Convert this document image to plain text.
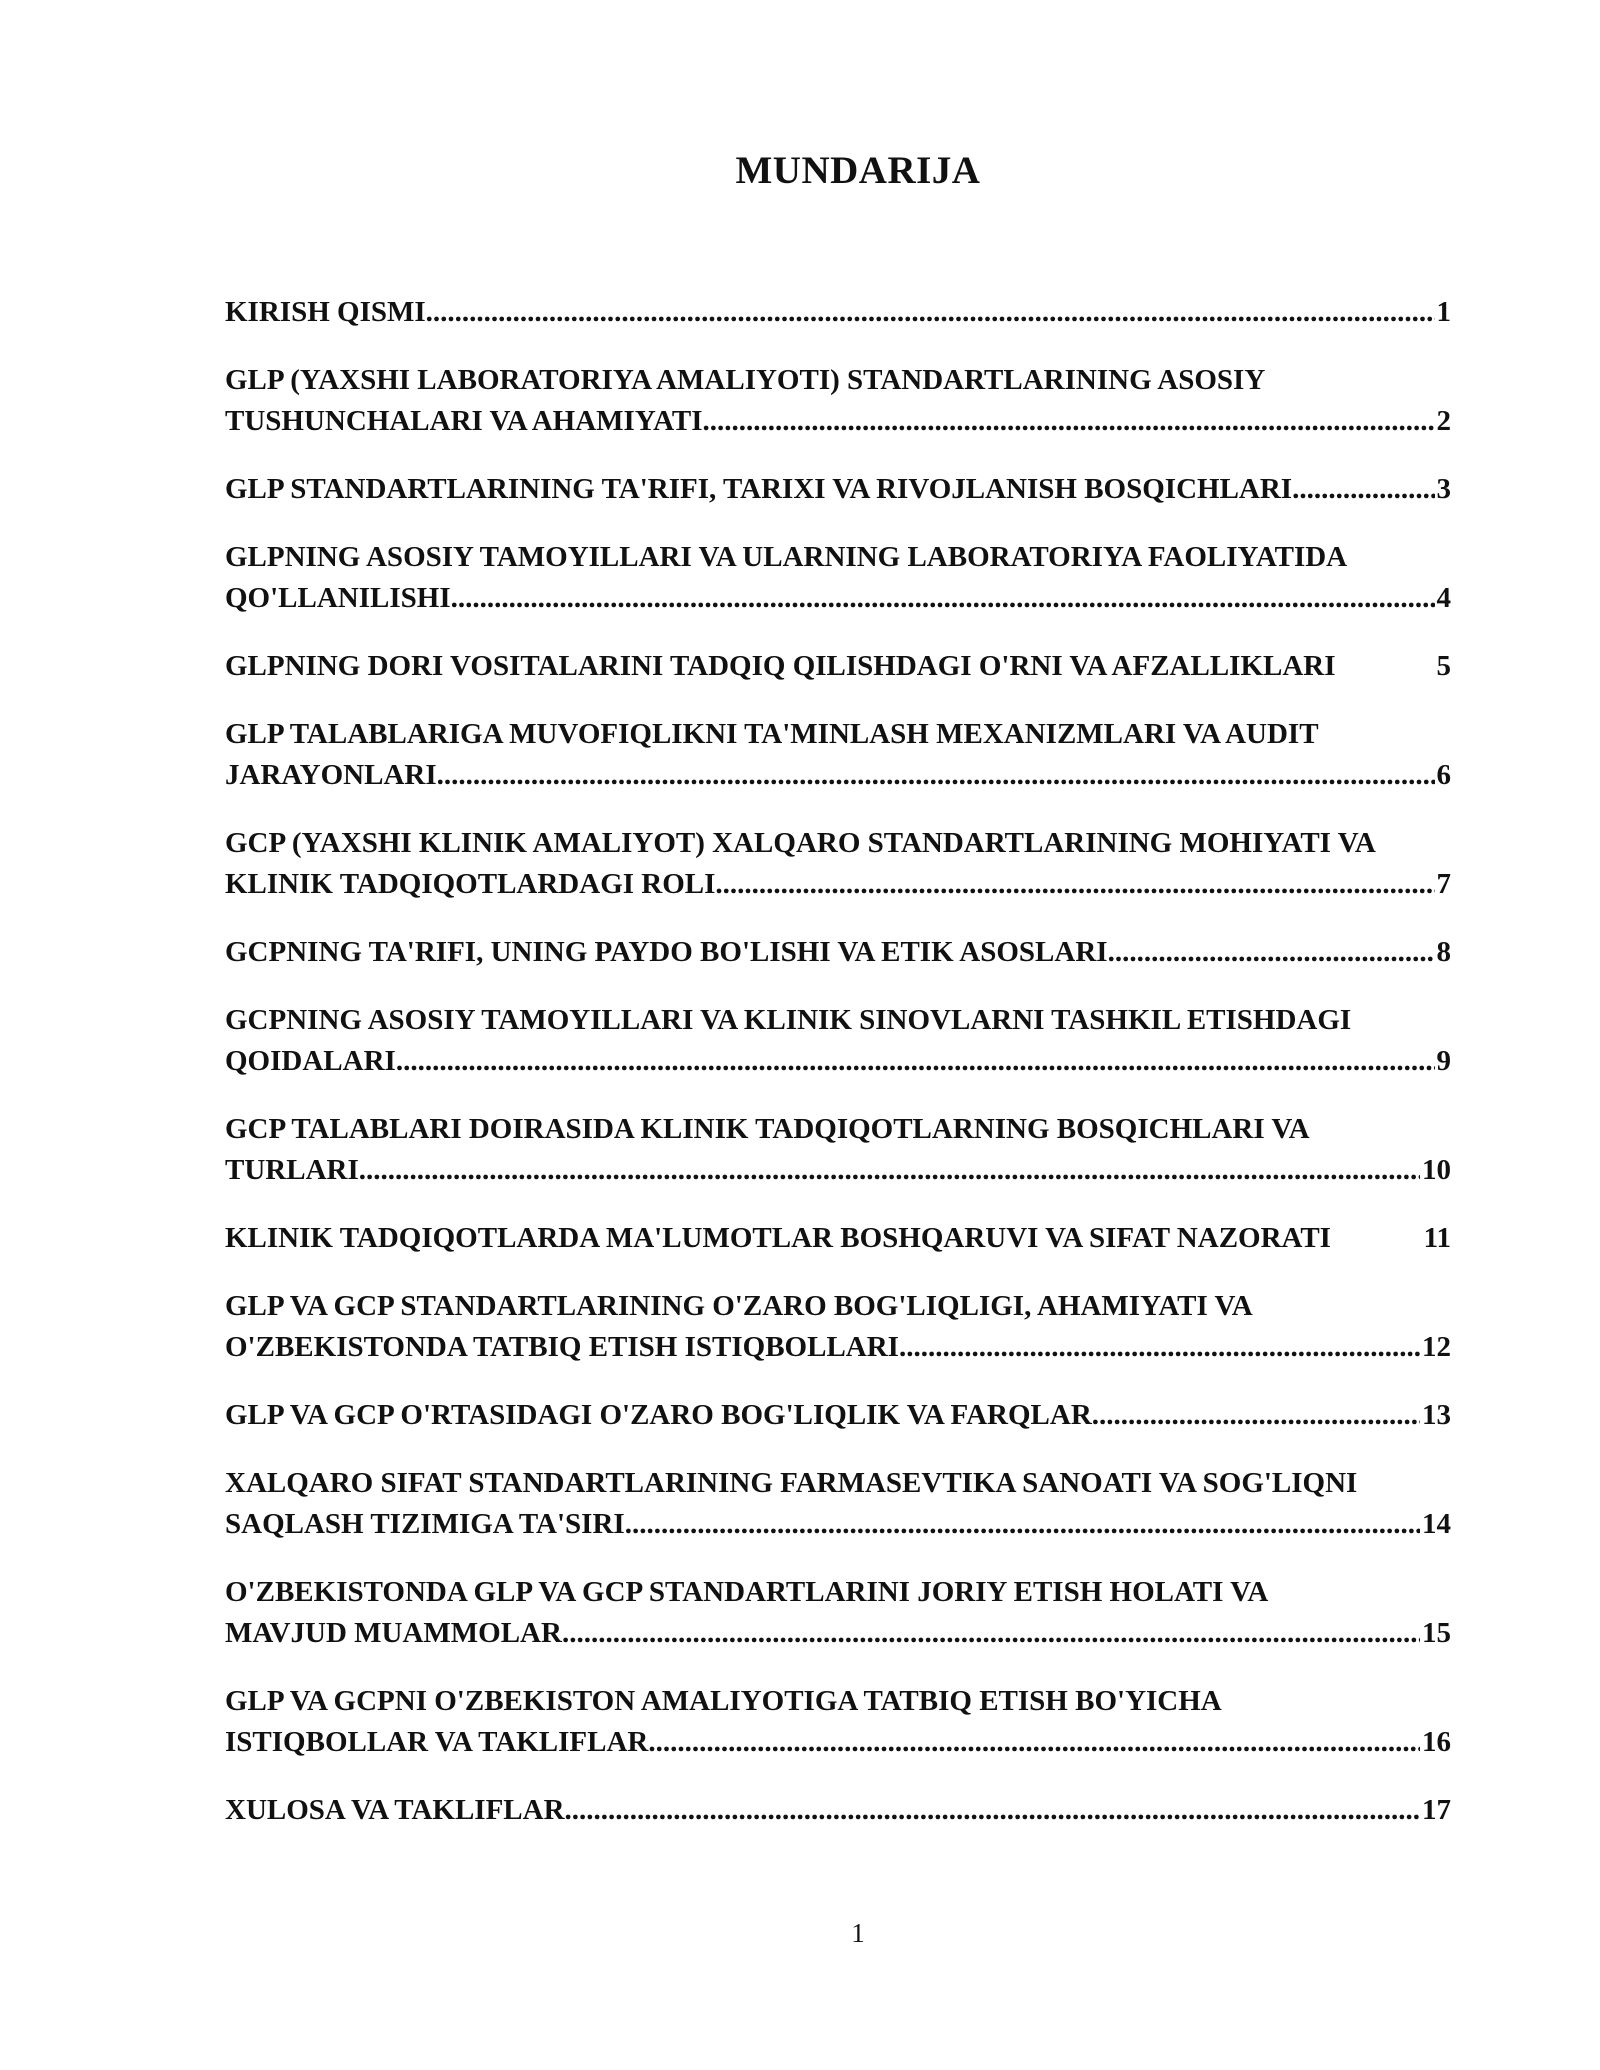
MUNDARIJA
KIRISH QISMI .....	1
GLP (YAXSHI LABORATORIYA AMALIYOTI) STANDARTLARINING ASOSIY
TUSHUNCHALARI VA AHAMIYATI .....	2
GLP STANDARTLARINING TA'RIFI, TARIXI VA RIVOJLANISH BOSQICHLARI .....	3
GLPNING ASOSIY TAMOYILLARI VA ULARNING LABORATORIYA FAOLIYATIDA
QO'LLANILISHI .....	4
GLPNING DORI VOSITALARINI TADQIQ QILISHDAGI O'RNI VA AFZALLIKLARI	5
GLP TALABLARIGA MUVOFIQLIKNI TA'MINLASH MEXANIZMLARI VA AUDIT
JARAYONLARI .....	6
GCP (YAXSHI KLINIK AMALIYOT) XALQARO STANDARTLARINING MOHIYATI VA
KLINIK TADQIQOTLARDAGI ROLI .....	7
GCPNING TA'RIFI, UNING PAYDO BO'LISHI VA ETIK ASOSLARI .....	8
GCPNING ASOSIY TAMOYILLARI VA KLINIK SINOVLARNI TASHKIL ETISHDAGI
QOIDALARI .....	9
GCP TALABLARI DOIRASIDA KLINIK TADQIQOTLARNING BOSQICHLARI VA
TURLARI .....	10
KLINIK TADQIQOTLARDA MA'LUMOTLAR BOSHQARUVI VA SIFAT NAZORATI	11
GLP VA GCP STANDARTLARINING O'ZARO BOG'LIQLIGI, AHAMIYATI VA
O'ZBEKISTONDA TATBIQ ETISH ISTIQBOLLARI .....	12
GLP VA GCP O'RTASIDAGI O'ZARO BOG'LIQLIK VA FARQLAR .....	13
XALQARO SIFAT STANDARTLARINING FARMASEVTIKA SANOATI VA SOG'LIQNI
SAQLASH TIZIMIGA TA'SIRI .....	14
O'ZBEKISTONDA GLP VA GCP STANDARTLARINI JORIY ETISH HOLATI VA
MAVJUD MUAMMOLAR .....	15
GLP VA GCPNI O'ZBEKISTON AMALIYOTIGA TATBIQ ETISH BO'YICHA
ISTIQBOLLAR VA TAKLIFLAR .....	16
XULOSA VA TAKLIFLAR .....	17
1
